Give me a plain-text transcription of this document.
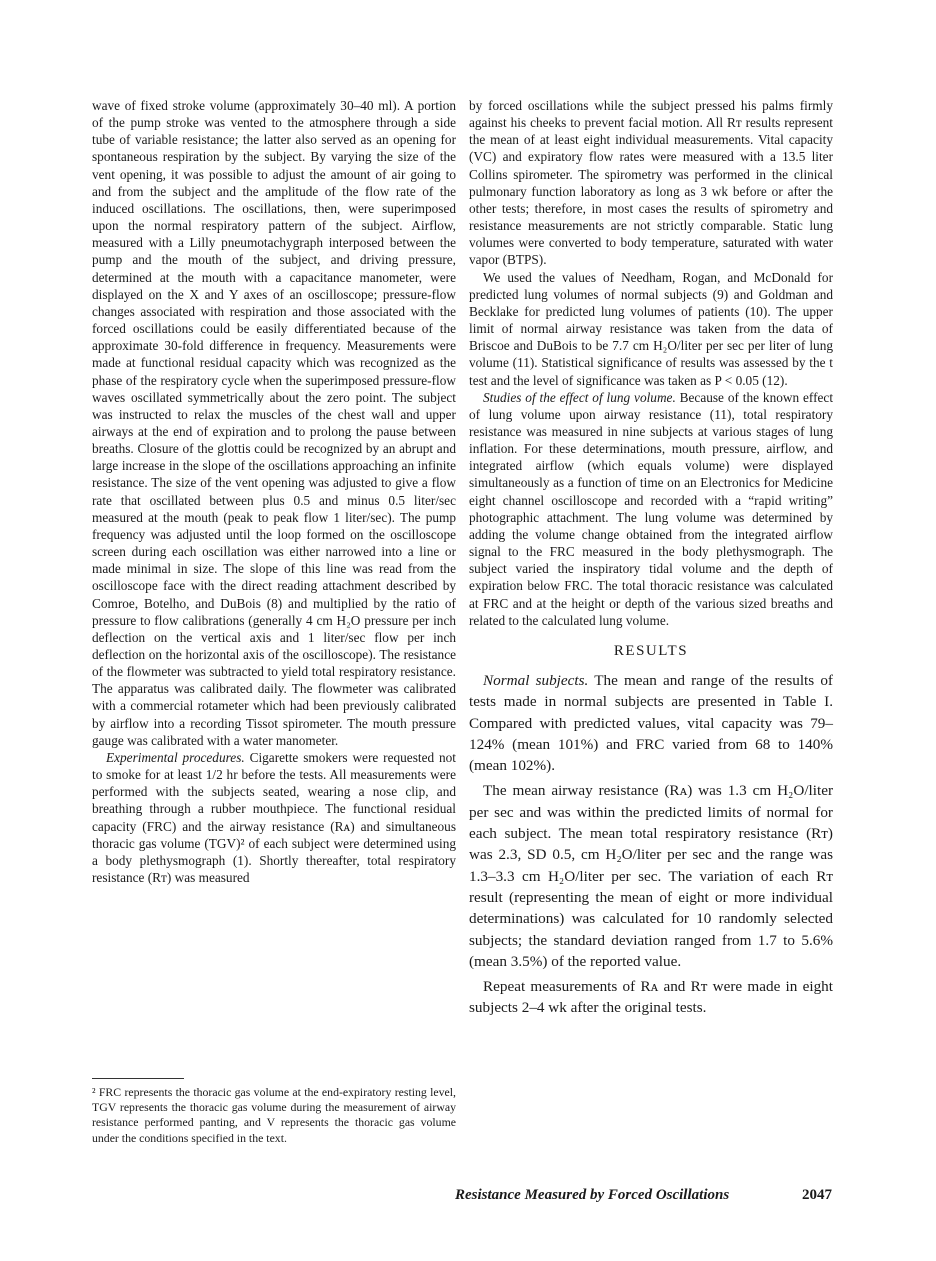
wave of fixed stroke volume (approximately 30–40 ml). A portion of the pump stroke was vented to the atmosphere through a side tube of variable resistance; the latter also served as an opening for spontaneous respiration by the subject. By varying the size of the vent opening, it was possible to adjust the amount of air going to and from the subject and the amplitude of the flow rate of the induced oscillations. The oscillations, then, were superimposed upon the normal respiratory pattern of the subject. Airflow, measured with a Lilly pneumotachygraph interposed between the pump and the mouth of the subject, and driving pressure, determined at the mouth with a capacitance manometer, were displayed on the X and Y axes of an oscilloscope; pressure-flow changes associated with respiration and those associated with the forced oscillations could be easily differentiated because of the approximate 30-fold difference in frequency. Measurements were made at functional residual capacity which was recognized as the phase of the respiratory cycle when the superimposed pressure-flow waves oscillated symmetrically about the zero point. The subject was instructed to relax the muscles of the chest wall and upper airways at the end of expiration and to prolong the pause between breaths. Closure of the glottis could be recognized by an abrupt and large increase in the slope of the oscillations approaching an infinite resistance. The size of the vent opening was adjusted to give a flow rate that oscillated between plus 0.5 and minus 0.5 liter/sec measured at the mouth (peak to peak flow 1 liter/sec). The pump frequency was adjusted until the loop formed on the oscilloscope screen during each oscillation was either narrowed into a line or made minimal in size. The slope of this line was read from the oscilloscope face with the direct reading attachment described by Comroe, Botelho, and DuBois (8) and multiplied by the ratio of pressure to flow calibrations (generally 4 cm H₂O pressure per inch deflection on the vertical axis and 1 liter/sec flow per inch deflection on the horizontal axis of the oscilloscope). The resistance of the flowmeter was subtracted to yield total respiratory resistance. The apparatus was calibrated daily. The flowmeter was calibrated with a commercial rotameter which had been previously calibrated by airflow into a recording Tissot spirometer. The mouth pressure gauge was calibrated with a water manometer.

Experimental procedures. Cigarette smokers were requested not to smoke for at least 1/2 hr before the tests. All measurements were performed with the subjects seated, wearing a nose clip, and breathing through a rubber mouthpiece. The functional residual capacity (FRC) and the airway resistance (Rᴀ) and simultaneous thoracic gas volume (TGV)² of each subject were determined using a body plethysmograph (1). Shortly thereafter, total respiratory resistance (Rᴛ) was measured

² FRC represents the thoracic gas volume at the end-expiratory resting level, TGV represents the thoracic gas volume during the measurement of airway resistance performed panting, and V represents the thoracic gas volume under the conditions specified in the text.

by forced oscillations while the subject pressed his palms firmly against his cheeks to prevent facial motion. All Rᴛ results represent the mean of at least eight individual measurements. Vital capacity (VC) and expiratory flow rates were measured with a 13.5 liter Collins spirometer. The spirometry was performed in the clinical pulmonary function laboratory as long as 3 wk before or after the other tests; therefore, in most cases the results of spirometry and resistance measurements are not strictly comparable. Static lung volumes were converted to body temperature, saturated with water vapor (BTPS).

We used the values of Needham, Rogan, and McDonald for predicted lung volumes of normal subjects (9) and Goldman and Becklake for predicted lung volumes of patients (10). The upper limit of normal airway resistance was taken from the data of Briscoe and DuBois to be 7.7 cm H₂O/liter per sec per liter of lung volume (11). Statistical significance of results was assessed by the t test and the level of significance was taken as P < 0.05 (12).

Studies of the effect of lung volume. Because of the known effect of lung volume upon airway resistance (11), total respiratory resistance was measured in nine subjects at various stages of lung inflation. For these determinations, mouth pressure, airflow, and integrated airflow (which equals volume) were displayed simultaneously as a function of time on an Electronics for Medicine eight channel oscilloscope and recorded with a “rapid writing” photographic attachment. The lung volume was determined by adding the volume change obtained from the integrated airflow signal to the FRC measured in the body plethysmograph. The subject varied the inspiratory tidal volume and the depth of expiration below FRC. The total thoracic resistance was calculated at FRC and at the height or depth of the various sized breaths and related to the calculated lung volume.

RESULTS

Normal subjects. The mean and range of the results of tests made in normal subjects are presented in Table I. Compared with predicted values, vital capacity was 79–124% (mean 101%) and FRC varied from 68 to 140% (mean 102%).

The mean airway resistance (Rᴀ) was 1.3 cm H₂O/liter per sec and was within the predicted limits of normal for each subject. The mean total respiratory resistance (Rᴛ) was 2.3, SD 0.5, cm H₂O/liter per sec and the range was 1.3–3.3 cm H₂O/liter per sec. The variation of each Rᴛ result (representing the mean of eight or more individual determinations) was calculated for 10 randomly selected subjects; the standard deviation ranged from 1.7 to 5.6% (mean 3.5%) of the reported value.

Repeat measurements of Rᴀ and Rᴛ were made in eight subjects 2–4 wk after the original tests.

Resistance Measured by Forced Oscillations	2047
